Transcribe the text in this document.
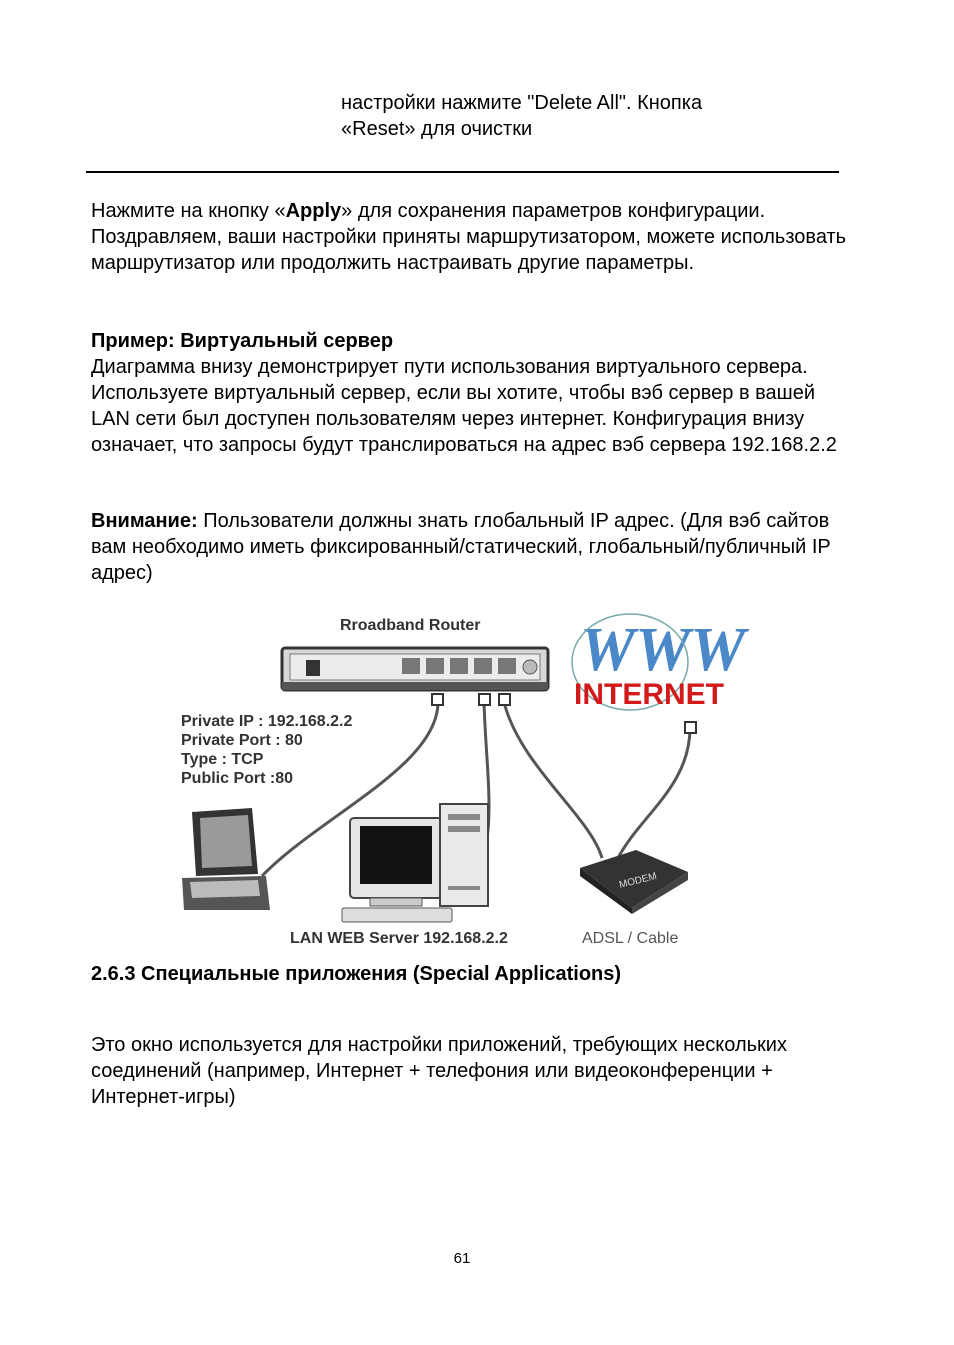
настройки нажмите "Delete All". Кнопка
«Reset» для очистки

Нажмите на кнопку «Apply» для сохранения параметров конфигурации. Поздравляем, ваши настройки приняты маршрутизатором, можете использовать маршрутизатор или продолжить настраивать другие параметры.

Пример: Виртуальный сервер

Диаграмма внизу демонстрирует пути использования виртуального сервера. Используете виртуальный сервер, если вы хотите, чтобы вэб сервер в вашей LAN сети был доступен пользователям через интернет. Конфигурация внизу означает, что запросы будут транслироваться на адрес вэб сервера 192.168.2.2

Внимание: Пользователи должны знать глобальный IP адрес. (Для вэб сайтов вам необходимо иметь фиксированный/статический, глобальный/публичный IP адрес)

Rroadband Router WWW
INTERNET
Private IP : 192.168.2.2
Private Port : 80
Type : TCP
Public Port :80
MODEM
LAN WEB Server 192.168.2.2	ADSL / Cable

2.6.3 Специальные приложения (Special Applications)

Это окно используется для настройки приложений, требующих нескольких соединений (например, Интернет + телефония или видеоконференции + Интернет-игры)

61
